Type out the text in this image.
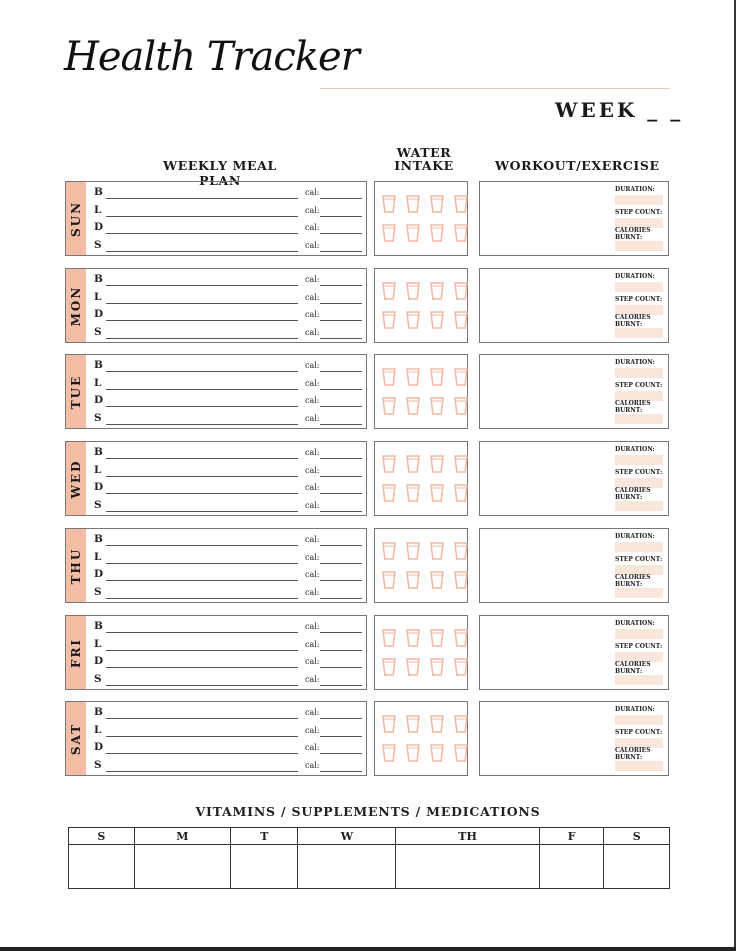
Health Tracker
WEEK _ _
WEEKLY MEAL PLAN
WATER INTAKE	WORKOUT/EXERCISE
SUN
B	cal:
L	cal:
D	cal:
S	cal:
DURATION:
STEP COUNT:
CALORIES BURNT:
MON
B	cal:
L	cal:
D	cal:
S	cal:
DURATION:
STEP COUNT:
CALORIES BURNT:
TUE
B	cal:
L	cal:
D	cal:
S	cal:
DURATION:
STEP COUNT:
CALORIES BURNT:
WED
B	cal:
L	cal:
D	cal:
S	cal:
DURATION:
STEP COUNT:
CALORIES BURNT:
THU
B	cal:
L	cal:
D	cal:
S	cal:
DURATION:
STEP COUNT:
CALORIES BURNT:
FRI
B	cal:
L	cal:
D	cal:
S	cal:
DURATION:
STEP COUNT:
CALORIES BURNT:
SAT
B	cal:
L	cal:
D	cal:
S	cal:
DURATION:
STEP COUNT:
CALORIES BURNT:
VITAMINS / SUPPLEMENTS / MEDICATIONS
S	M	T	W	TH	F	S
